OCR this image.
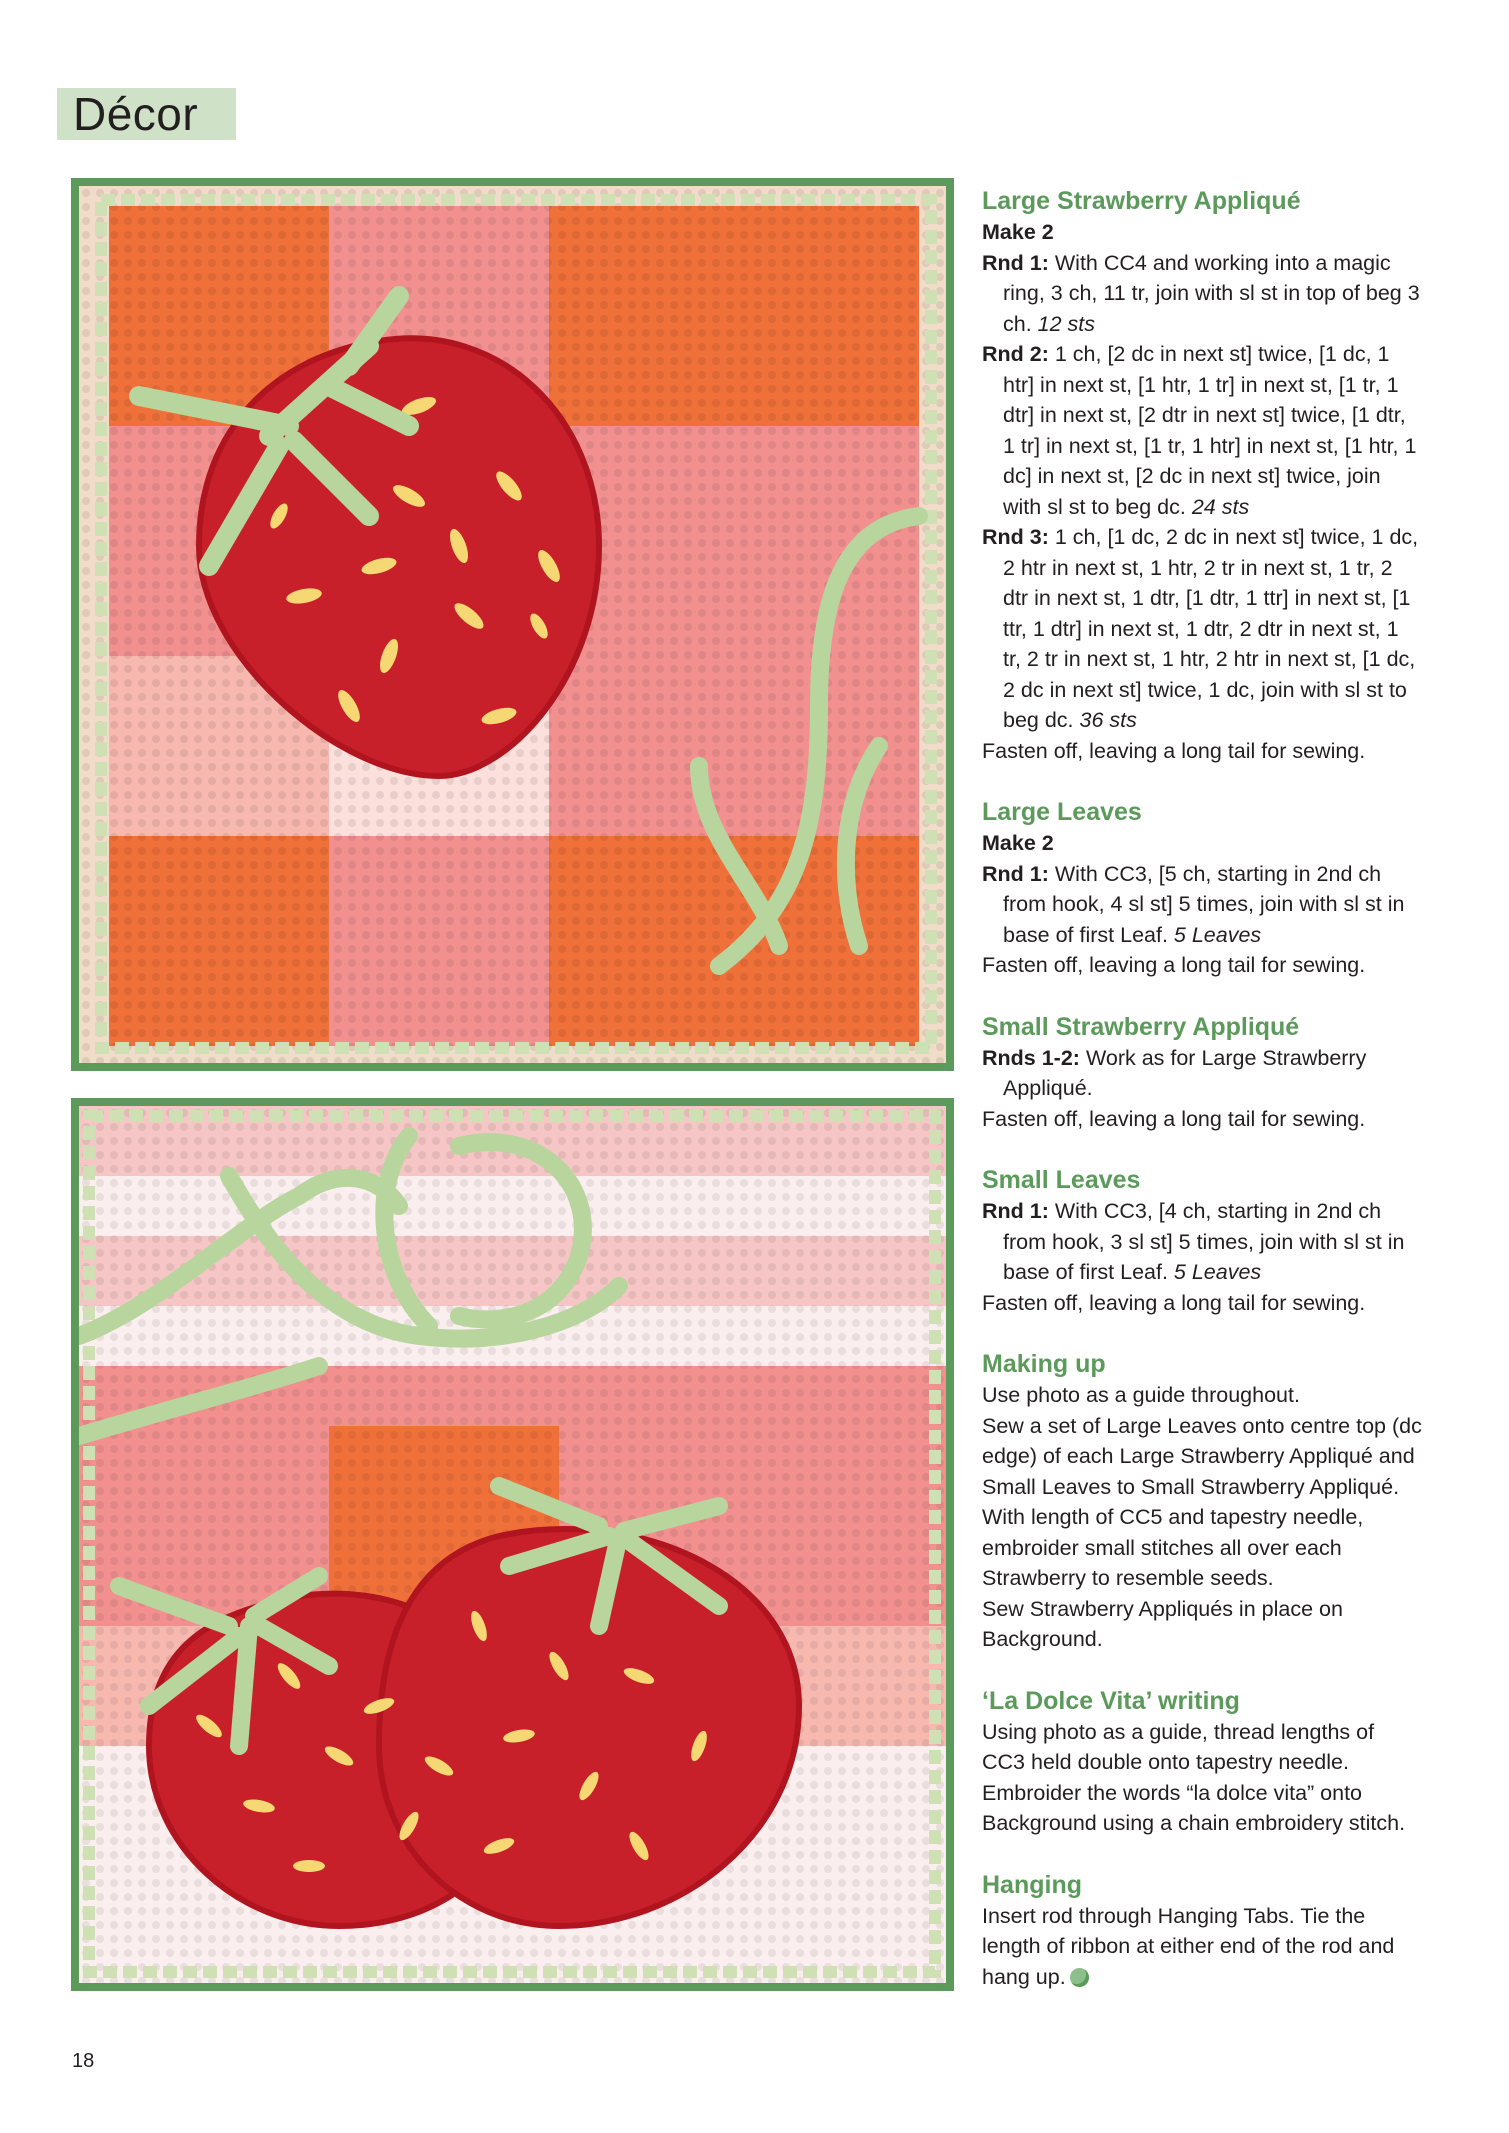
Décor
Large Strawberry Appliqué
Make 2
Rnd 1: With CC4 and working into a magic ring, 3 ch, 11 tr, join with sl st in top of beg 3 ch. 12 sts
Rnd 2: 1 ch, [2 dc in next st] twice, [1 dc, 1 htr] in next st, [1 htr, 1 tr] in next st, [1 tr, 1 dtr] in next st, [2 dtr in next st] twice, [1 dtr, 1 tr] in next st, [1 tr, 1 htr] in next st, [1 htr, 1 dc] in next st, [2 dc in next st] twice, join with sl st to beg dc. 24 sts
Rnd 3: 1 ch, [1 dc, 2 dc in next st] twice, 1 dc, 2 htr in next st, 1 htr, 2 tr in next st, 1 tr, 2 dtr in next st, 1 dtr, [1 dtr, 1 ttr] in next st, [1 ttr, 1 dtr] in next st, 1 dtr, 2 dtr in next st, 1 tr, 2 tr in next st, 1 htr, 2 htr in next st, [1 dc, 2 dc in next st] twice, 1 dc, join with sl st to beg dc. 36 sts
Fasten off, leaving a long tail for sewing.
Large Leaves
Make 2
Rnd 1: With CC3, [5 ch, starting in 2nd ch from hook, 4 sl st] 5 times, join with sl st in base of first Leaf. 5 Leaves
Fasten off, leaving a long tail for sewing.
Small Strawberry Appliqué
Rnds 1-2: Work as for Large Strawberry Appliqué.
Fasten off, leaving a long tail for sewing.
Small Leaves
Rnd 1: With CC3, [4 ch, starting in 2nd ch from hook, 3 sl st] 5 times, join with sl st in base of first Leaf. 5 Leaves
Fasten off, leaving a long tail for sewing.
Making up
Use photo as a guide throughout.
Sew a set of Large Leaves onto centre top (dc edge) of each Large Strawberry Appliqué and Small Leaves to Small Strawberry Appliqué.
With length of CC5 and tapestry needle, embroider small stitches all over each Strawberry to resemble seeds.
Sew Strawberry Appliqués in place on Background.
‘La Dolce Vita’ writing
Using photo as a guide, thread lengths of CC3 held double onto tapestry needle. Embroider the words “la dolce vita” onto Background using a chain embroidery stitch.
Hanging
Insert rod through Hanging Tabs. Tie the length of ribbon at either end of the rod and hang up.
18
